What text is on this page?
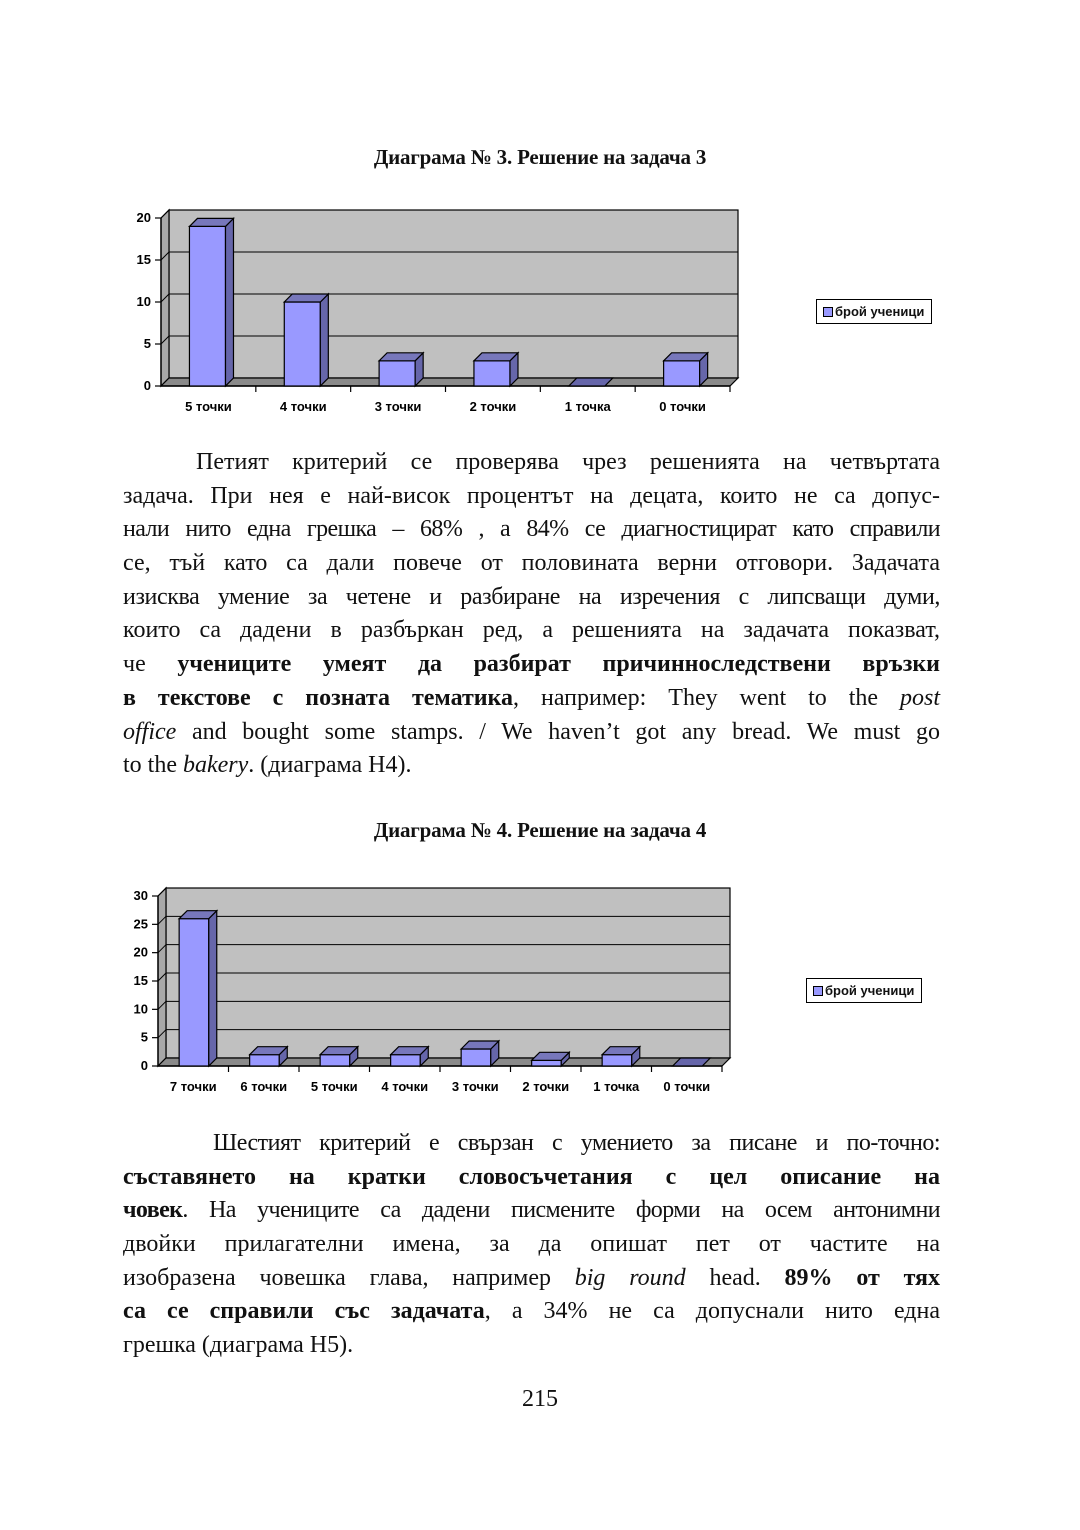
Диаграма № 3. Решение на задача 3
0
5
10
15
20
5 точки	4 точки	3 точки	2 точки	1 точка	0 точки
брой ученици
Петият критерий се проверява чрез решенията на четвъртата
задача. При нея е най-висок процентът на децата, които не са допус-
нали нито една грешка – 68% , а 84% се диагностицират като справили
се, тъй като са дали повече от половината верни отговори. Задачата
изисква умение за четене и разбиране на изречения с липсващи думи,
които са дадени в разбъркан ред, а решенията на задачата показват,
че учениците умеят да разбират причинноследствени връзки
в текстове с позната тематика, например: They went to the post
office and bought some stamps. / We haven’t got any bread. We must go
to the bakery. (диаграма Н4).
Диаграма № 4. Решение на задача 4
0
5
10
15
20
25
30
7 точки 6 точки 5 точки 4 точки 3 точки 2 точки 1 точка 0 точки
брой ученици
Шестият критерий е свързан с умението за писане и по-точно:
съставянето на кратки словосъчетания с цел описание на
човек. На учениците са дадени писмените форми на осем антонимни
двойки прилагателни имена, за да опишат пет от частите на
изобразена човешка глава, например big round head. 89% от тях
са се справили със задачата, а 34% не са допуснали нито една
грешка (диаграма Н5).
215
